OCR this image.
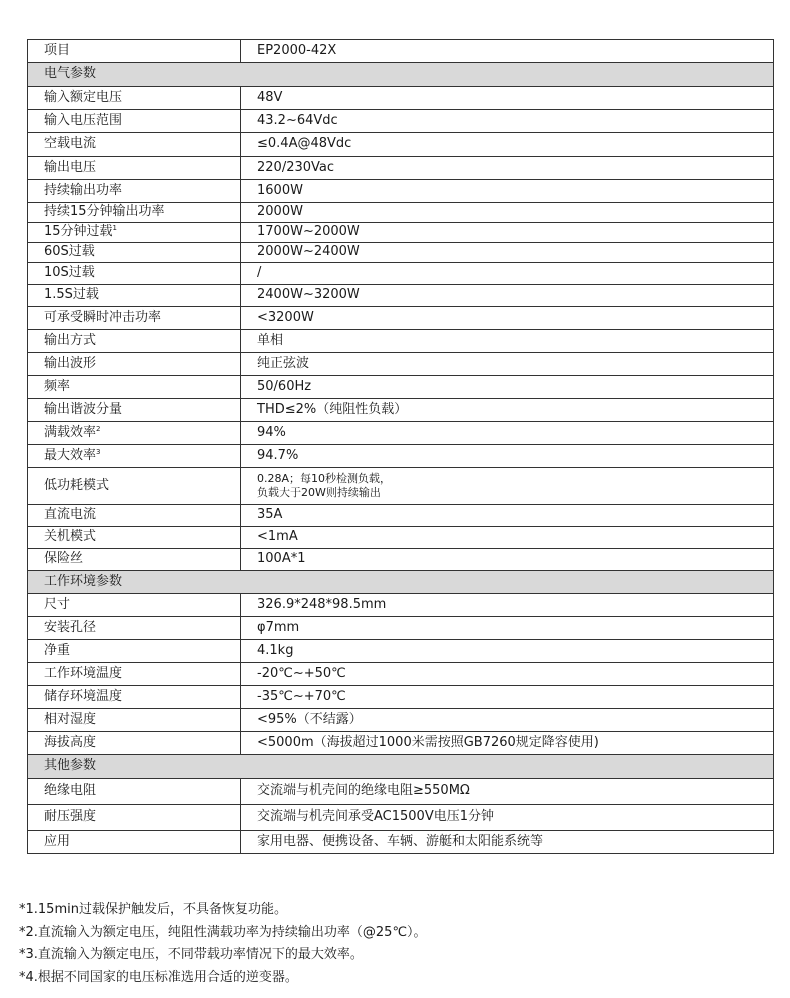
项目	EP2000-42X

电气参数	
输入额定电压	48V

输入电压范围	43.2~64Vdc

空载电流	≤0.4A@48Vdc

输出电压	220/230Vac

持续输出功率	1600W

持续15分钟输出功率	2000W

15分钟过载$^1$	1700W~2000W

60S过载	2000W~2400W

10S过载	/

1.5S过载	2400W~3200W

可承受瞬时冲击功率	<3200W

输出方式	单相

输出波形	纯正弦波

频率	50/60Hz

输出谐波分量	THD≤2%（纯阻性负载）

满载效率$^2$	94%

最大效率$^3$	94.7%

低功耗模式	0.28A；每10秒检测负载，
负载大于20W则持续输出

直流电流	35A

关机模式	<1mA

保险丝	100A*1

工作环境参数	
尺寸	326.9*248*98.5mm

安装孔径	φ7mm

净重	4.1kg

工作环境温度	-20℃~+50℃

储存环境温度	-35℃~+70℃

相对湿度	<95%（不结露）

海拔高度	<5000m（海拔超过1000米需按照GB7260规定降容使用)

其他参数	
绝缘电阻	交流端与机壳间的绝缘电阻≥550MΩ

耐压强度	交流端与机壳间承受AC1500V电压1分钟

应用	家用电器、便携设备、车辆、游艇和太阳能系统等
*1.15min过载保护触发后，不具备恢复功能。
*2.直流输入为额定电压，纯阻性满载功率为持续输出功率（@25℃）。
*3.直流输入为额定电压，不同带载功率情况下的最大效率。
*4.根据不同国家的电压标准选用合适的逆变器。
